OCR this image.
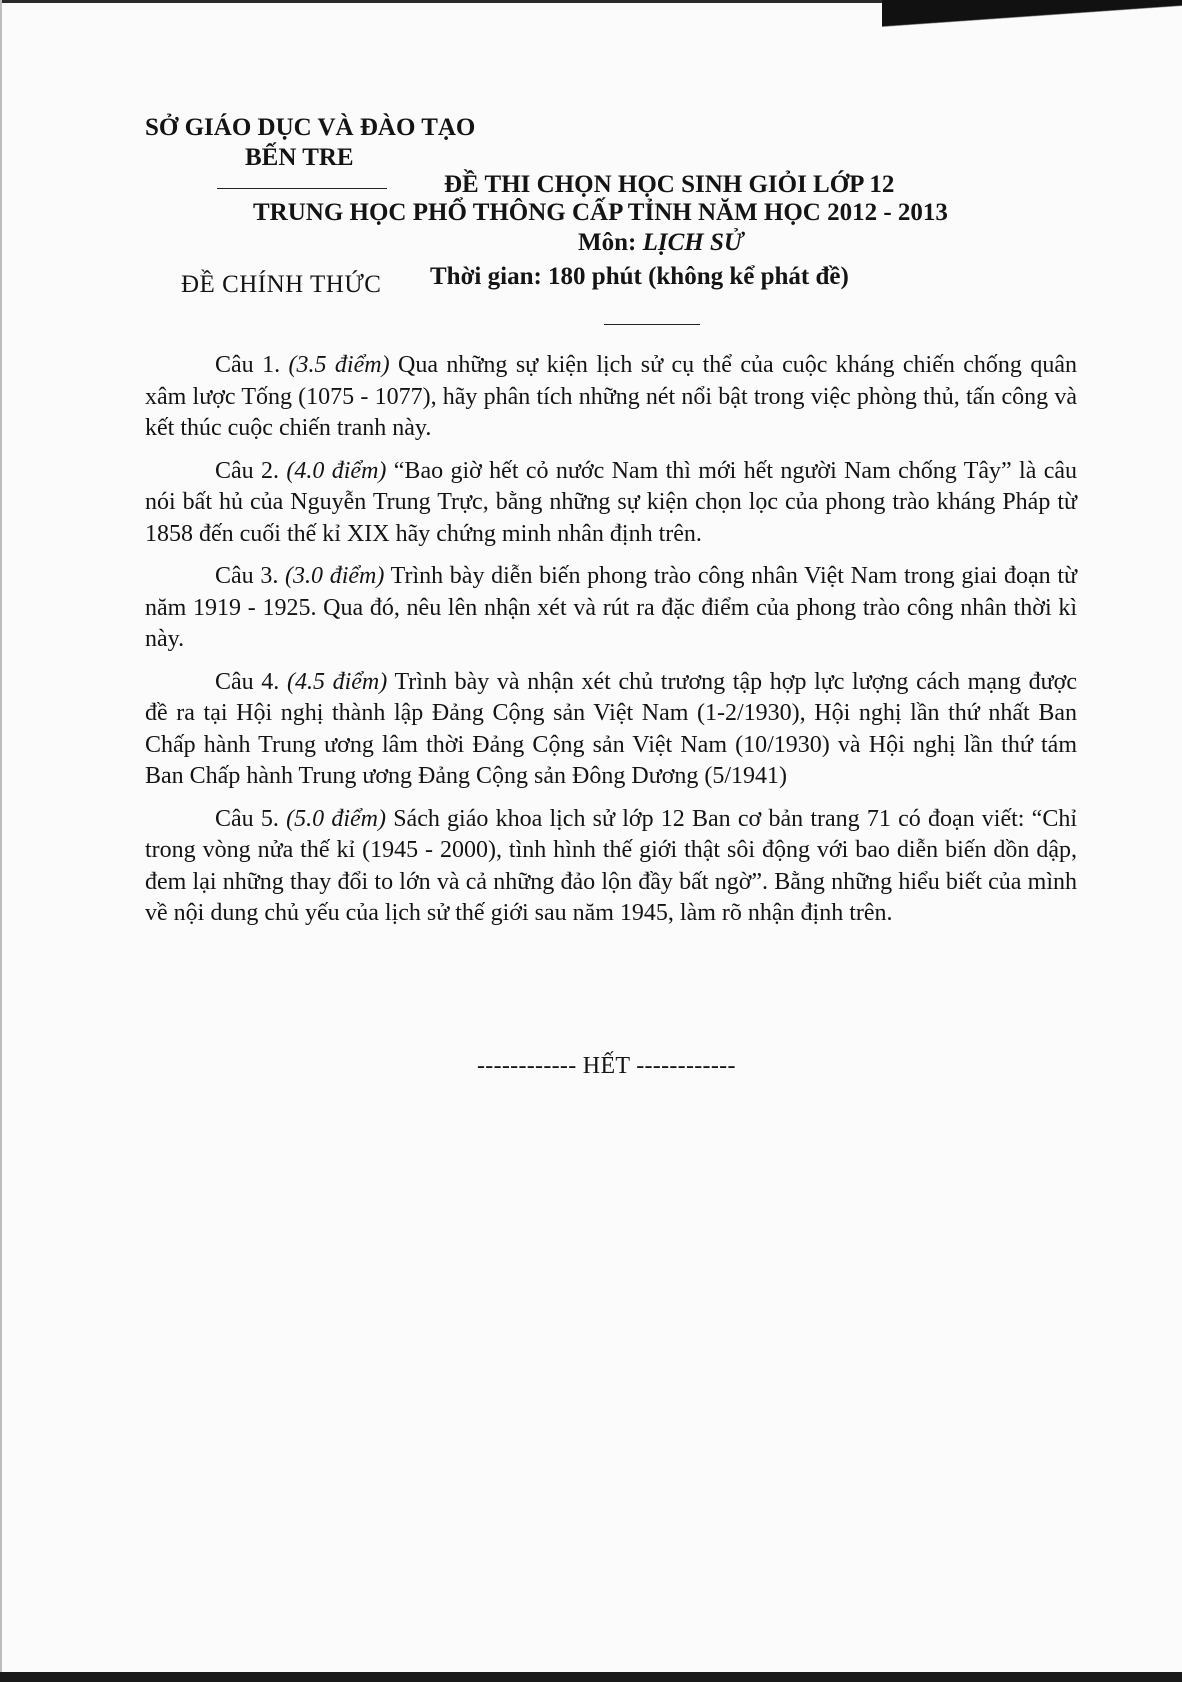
SỞ GIÁO DỤC VÀ ĐÀO TẠO
BẾN TRE
ĐỀ THI CHỌN HỌC SINH GIỎI LỚP 12
TRUNG HỌC PHỔ THÔNG CẤP TỈNH NĂM HỌC 2012 - 2013
Môn: LỊCH SỬ
ĐỀ CHÍNH THỨC Thời gian: 180 phút (không kể phát đề)

Câu 1. (3.5 điểm) Qua những sự kiện lịch sử cụ thể của cuộc kháng chiến chống quân xâm lược Tống (1075 - 1077), hãy phân tích những nét nổi bật trong việc phòng thủ, tấn công và kết thúc cuộc chiến tranh này.

Câu 2. (4.0 điểm) “Bao giờ hết cỏ nước Nam thì mới hết người Nam chống Tây” là câu nói bất hủ của Nguyễn Trung Trực, bằng những sự kiện chọn lọc của phong trào kháng Pháp từ 1858 đến cuối thế kỉ XIX hãy chứng minh nhân định trên.

Câu 3. (3.0 điểm) Trình bày diễn biến phong trào công nhân Việt Nam trong giai đoạn từ năm 1919 - 1925. Qua đó, nêu lên nhận xét và rút ra đặc điểm của phong trào công nhân thời kì này.

Câu 4. (4.5 điểm) Trình bày và nhận xét chủ trương tập hợp lực lượng cách mạng được đề ra tại Hội nghị thành lập Đảng Cộng sản Việt Nam (1-2/1930), Hội nghị lần thứ nhất Ban Chấp hành Trung ương lâm thời Đảng Cộng sản Việt Nam (10/1930) và Hội nghị lần thứ tám Ban Chấp hành Trung ương Đảng Cộng sản Đông Dương (5/1941)

Câu 5. (5.0 điểm) Sách giáo khoa lịch sử lớp 12 Ban cơ bản trang 71 có đoạn viết: “Chỉ trong vòng nửa thế kỉ (1945 - 2000), tình hình thế giới thật sôi động với bao diễn biến dồn dập, đem lại những thay đổi to lớn và cả những đảo lộn đầy bất ngờ”. Bằng những hiểu biết của mình về nội dung chủ yếu của lịch sử thế giới sau năm 1945, làm rõ nhận định trên.

------------ HẾT ------------
